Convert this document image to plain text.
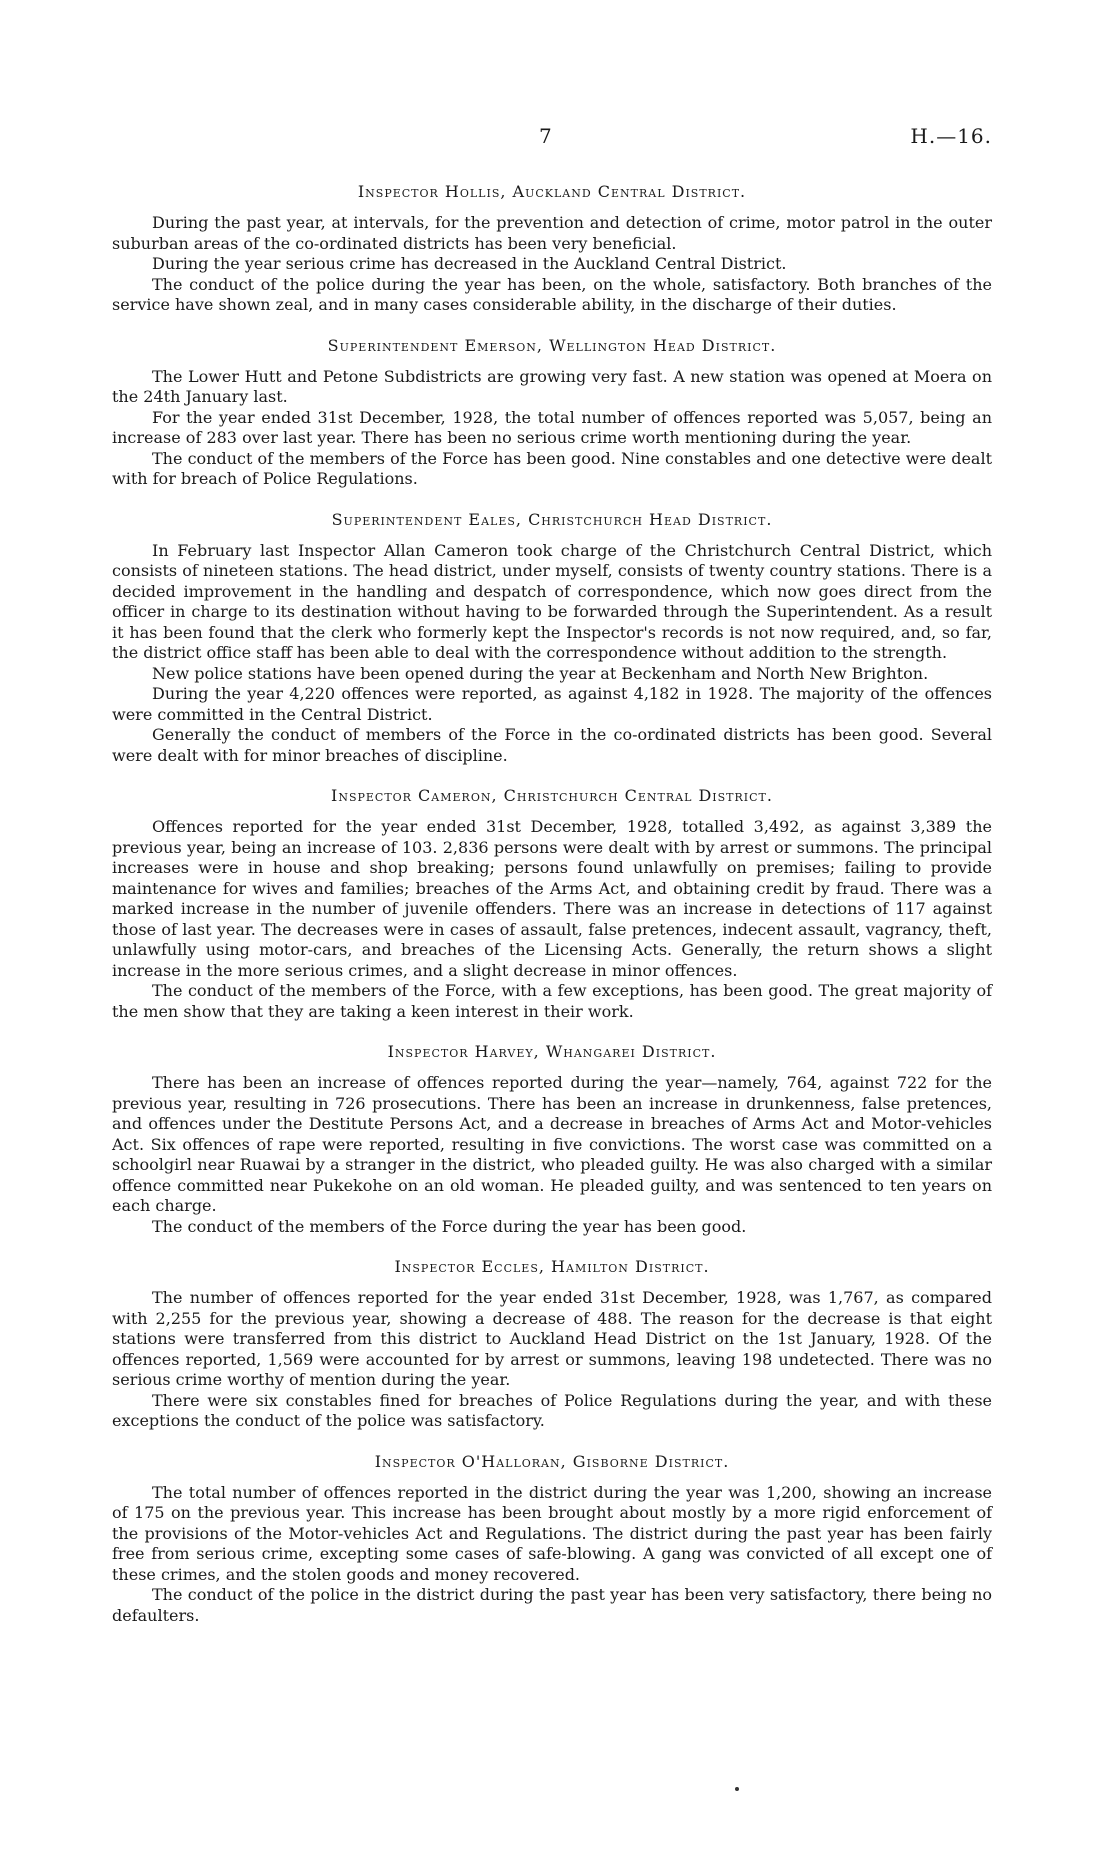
7	H.—16.
Inspector Hollis, Auckland Central District.

During the past year, at intervals, for the prevention and detection of crime, motor patrol in the outer suburban areas of the co-ordinated districts has been very beneficial.

During the year serious crime has decreased in the Auckland Central District.

The conduct of the police during the year has been, on the whole, satisfactory. Both branches of the service have shown zeal, and in many cases considerable ability, in the discharge of their duties.

Superintendent Emerson, Wellington Head District.

The Lower Hutt and Petone Subdistricts are growing very fast. A new station was opened at Moera on the 24th January last.

For the year ended 31st December, 1928, the total number of offences reported was 5,057, being an increase of 283 over last year. There has been no serious crime worth mentioning during the year.

The conduct of the members of the Force has been good. Nine constables and one detective were dealt with for breach of Police Regulations.

Superintendent Eales, Christchurch Head District.

In February last Inspector Allan Cameron took charge of the Christchurch Central District, which consists of nineteen stations. The head district, under myself, consists of twenty country stations. There is a decided improvement in the handling and despatch of correspondence, which now goes direct from the officer in charge to its destination without having to be forwarded through the Superintendent. As a result it has been found that the clerk who formerly kept the Inspector's records is not now required, and, so far, the district office staff has been able to deal with the correspondence without addition to the strength.

New police stations have been opened during the year at Beckenham and North New Brighton.

During the year 4,220 offences were reported, as against 4,182 in 1928. The majority of the offences were committed in the Central District.

Generally the conduct of members of the Force in the co-ordinated districts has been good. Several were dealt with for minor breaches of discipline.

Inspector Cameron, Christchurch Central District.

Offences reported for the year ended 31st December, 1928, totalled 3,492, as against 3,389 the previous year, being an increase of 103. 2,836 persons were dealt with by arrest or summons. The principal increases were in house and shop breaking; persons found unlawfully on premises; failing to provide maintenance for wives and families; breaches of the Arms Act, and obtaining credit by fraud. There was a marked increase in the number of juvenile offenders. There was an increase in detections of 117 against those of last year. The decreases were in cases of assault, false pretences, indecent assault, vagrancy, theft, unlawfully using motor-cars, and breaches of the Licensing Acts. Generally, the return shows a slight increase in the more serious crimes, and a slight decrease in minor offences.

The conduct of the members of the Force, with a few exceptions, has been good. The great majority of the men show that they are taking a keen interest in their work.

Inspector Harvey, Whangarei District.

There has been an increase of offences reported during the year—namely, 764, against 722 for the previous year, resulting in 726 prosecutions. There has been an increase in drunkenness, false pretences, and offences under the Destitute Persons Act, and a decrease in breaches of Arms Act and Motor-vehicles Act. Six offences of rape were reported, resulting in five convictions. The worst case was committed on a schoolgirl near Ruawai by a stranger in the district, who pleaded guilty. He was also charged with a similar offence committed near Pukekohe on an old woman. He pleaded guilty, and was sentenced to ten years on each charge.

The conduct of the members of the Force during the year has been good.

Inspector Eccles, Hamilton District.

The number of offences reported for the year ended 31st December, 1928, was 1,767, as compared with 2,255 for the previous year, showing a decrease of 488. The reason for the decrease is that eight stations were transferred from this district to Auckland Head District on the 1st January, 1928. Of the offences reported, 1,569 were accounted for by arrest or summons, leaving 198 undetected. There was no serious crime worthy of mention during the year.

There were six constables fined for breaches of Police Regulations during the year, and with these exceptions the conduct of the police was satisfactory.

Inspector O'Halloran, Gisborne District.

The total number of offences reported in the district during the year was 1,200, showing an increase of 175 on the previous year. This increase has been brought about mostly by a more rigid enforcement of the provisions of the Motor-vehicles Act and Regulations. The district during the past year has been fairly free from serious crime, excepting some cases of safe-blowing. A gang was convicted of all except one of these crimes, and the stolen goods and money recovered.

The conduct of the police in the district during the past year has been very satisfactory, there being no defaulters.
